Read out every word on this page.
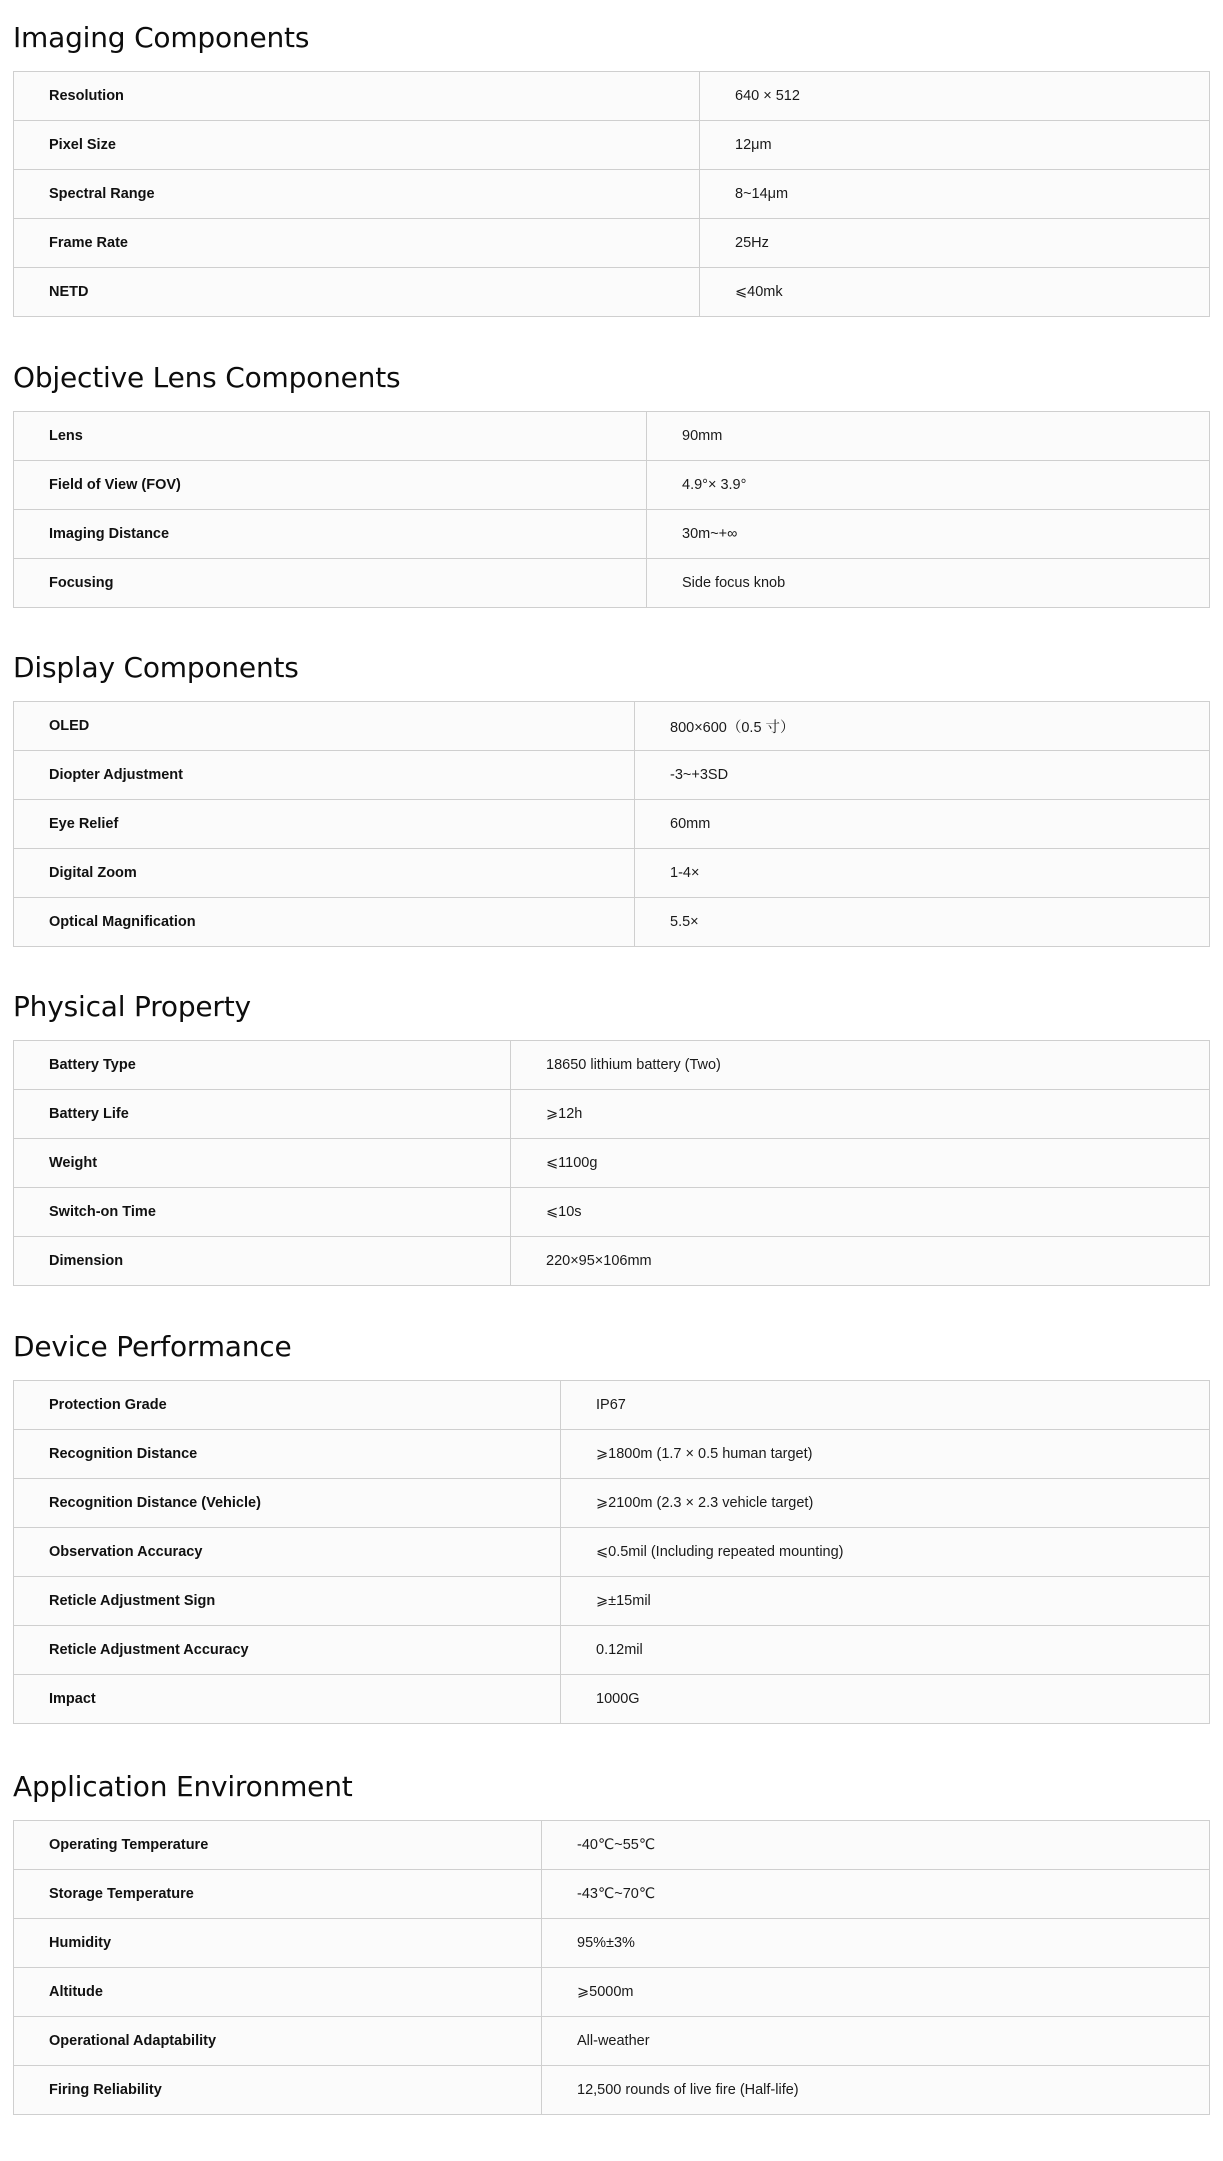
Imaging Components
Resolution	640 × 512
Pixel Size	12μm
Spectral Range	8~14μm
Frame Rate	25Hz
NETD	⩽40mk
Objective Lens Components
Lens	90mm
Field of View (FOV)	4.9°× 3.9°
Imaging Distance	30m~+∞
Focusing	Side focus knob
Display Components
OLED	800×600（0.5 寸）
Diopter Adjustment	-3~+3SD
Eye Relief	60mm
Digital Zoom	1-4×
Optical Magnification	5.5×
Physical Property
Battery Type	18650 lithium battery (Two)
Battery Life	⩾12h
Weight	⩽1100g
Switch-on Time	⩽10s
Dimension	220×95×106mm
Device Performance
Protection Grade	IP67
Recognition Distance	⩾1800m (1.7 × 0.5 human target)
Recognition Distance (Vehicle)	⩾2100m (2.3 × 2.3 vehicle target)
Observation Accuracy	⩽0.5mil (Including repeated mounting)
Reticle Adjustment Sign	⩾±15mil
Reticle Adjustment Accuracy	0.12mil
Impact	1000G
Application Environment
Operating Temperature	-40℃~55℃
Storage Temperature	-43℃~70℃
Humidity	95%±3%
Altitude	⩾5000m
Operational Adaptability	All-weather
Firing Reliability	12,500 rounds of live fire (Half-life)
